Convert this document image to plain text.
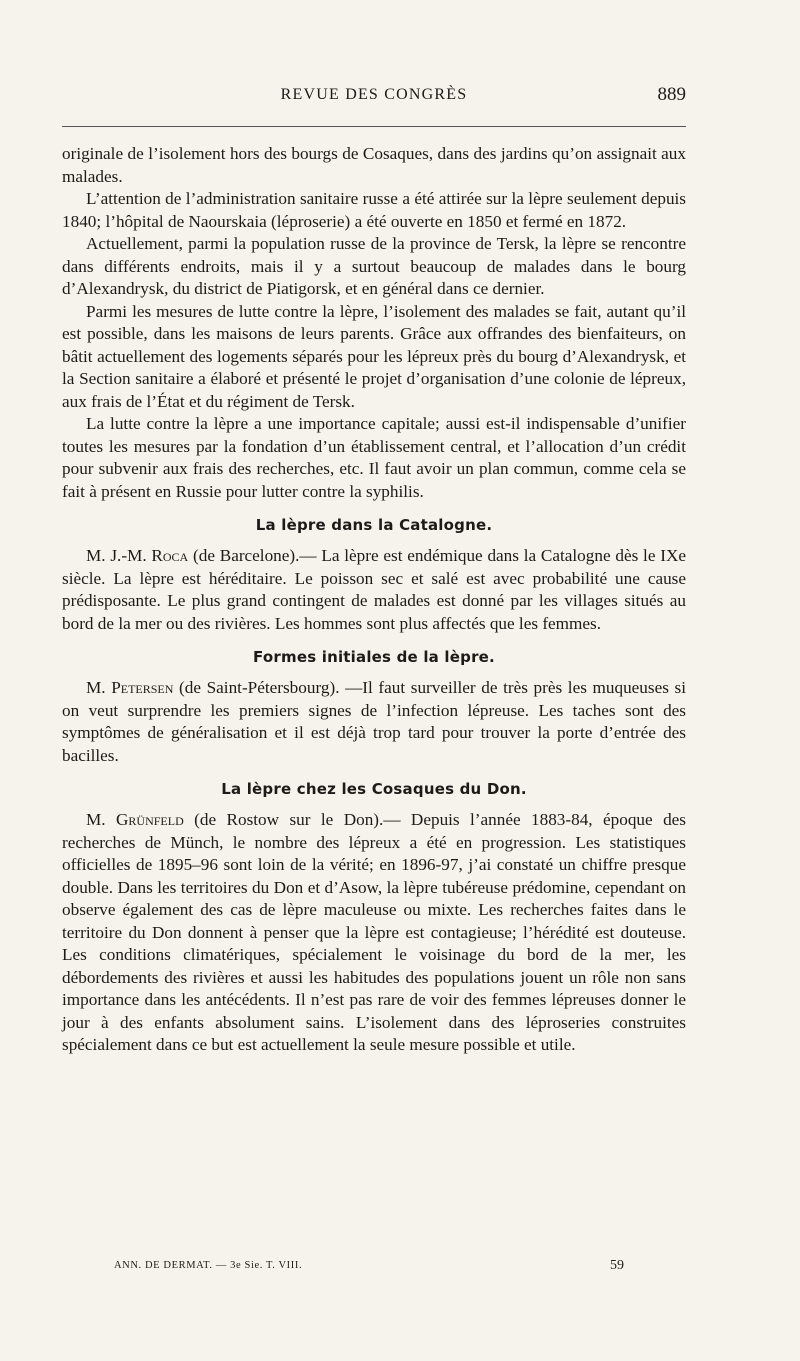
REVUE DES CONGRÈS	889

originale de l’isolement hors des bourgs de Cosaques, dans des jardins qu’on assignait aux malades.

L’attention de l’administration sanitaire russe a été attirée sur la lèpre seulement depuis 1840; l’hôpital de Naourskaia (léproserie) a été ouverte en 1850 et fermé en 1872.

Actuellement, parmi la population russe de la province de Tersk, la lèpre se rencontre dans différents endroits, mais il y a surtout beaucoup de malades dans le bourg d’Alexandrysk, du district de Piatigorsk, et en général dans ce dernier.

Parmi les mesures de lutte contre la lèpre, l’isolement des malades se fait, autant qu’il est possible, dans les maisons de leurs parents. Grâce aux offrandes des bienfaiteurs, on bâtit actuellement des logements séparés pour les lépreux près du bourg d’Alexandrysk, et la Section sanitaire a élaboré et présenté le projet d’organisation d’une colonie de lépreux, aux frais de l’État et du régiment de Tersk.

La lutte contre la lèpre a une importance capitale; aussi est-il indispensable d’unifier toutes les mesures par la fondation d’un établissement central, et l’allocation d’un crédit pour subvenir aux frais des recherches, etc. Il faut avoir un plan commun, comme cela se fait à présent en Russie pour lutter contre la syphilis.

La lèpre dans la Catalogne.

M. J.-M. Roca (de Barcelone).— La lèpre est endémique dans la Catalogne dès le IXe siècle. La lèpre est héréditaire. Le poisson sec et salé est avec probabilité une cause prédisposante. Le plus grand contingent de malades est donné par les villages situés au bord de la mer ou des rivières. Les hommes sont plus affectés que les femmes.

Formes initiales de la lèpre.

M. Petersen (de Saint-Pétersbourg). —Il faut surveiller de très près les muqueuses si on veut surprendre les premiers signes de l’infection lépreuse. Les taches sont des symptômes de généralisation et il est déjà trop tard pour trouver la porte d’entrée des bacilles.

La lèpre chez les Cosaques du Don.

M. Grünfeld (de Rostow sur le Don).— Depuis l’année 1883-84, époque des recherches de Münch, le nombre des lépreux a été en progression. Les statistiques officielles de 1895–96 sont loin de la vérité; en 1896-97, j’ai constaté un chiffre presque double. Dans les territoires du Don et d’Asow, la lèpre tubéreuse prédomine, cependant on observe également des cas de lèpre maculeuse ou mixte. Les recherches faites dans le territoire du Don donnent à penser que la lèpre est contagieuse; l’hérédité est douteuse. Les conditions climatériques, spécialement le voisinage du bord de la mer, les débordements des rivières et aussi les habitudes des populations jouent un rôle non sans importance dans les antécédents. Il n’est pas rare de voir des femmes lépreuses donner le jour à des enfants absolument sains. L’isolement dans des léproseries construites spécialement dans ce but est actuellement la seule mesure possible et utile.

ANN. DE DERMAT. — 3e Sie. T. VIII.	59
